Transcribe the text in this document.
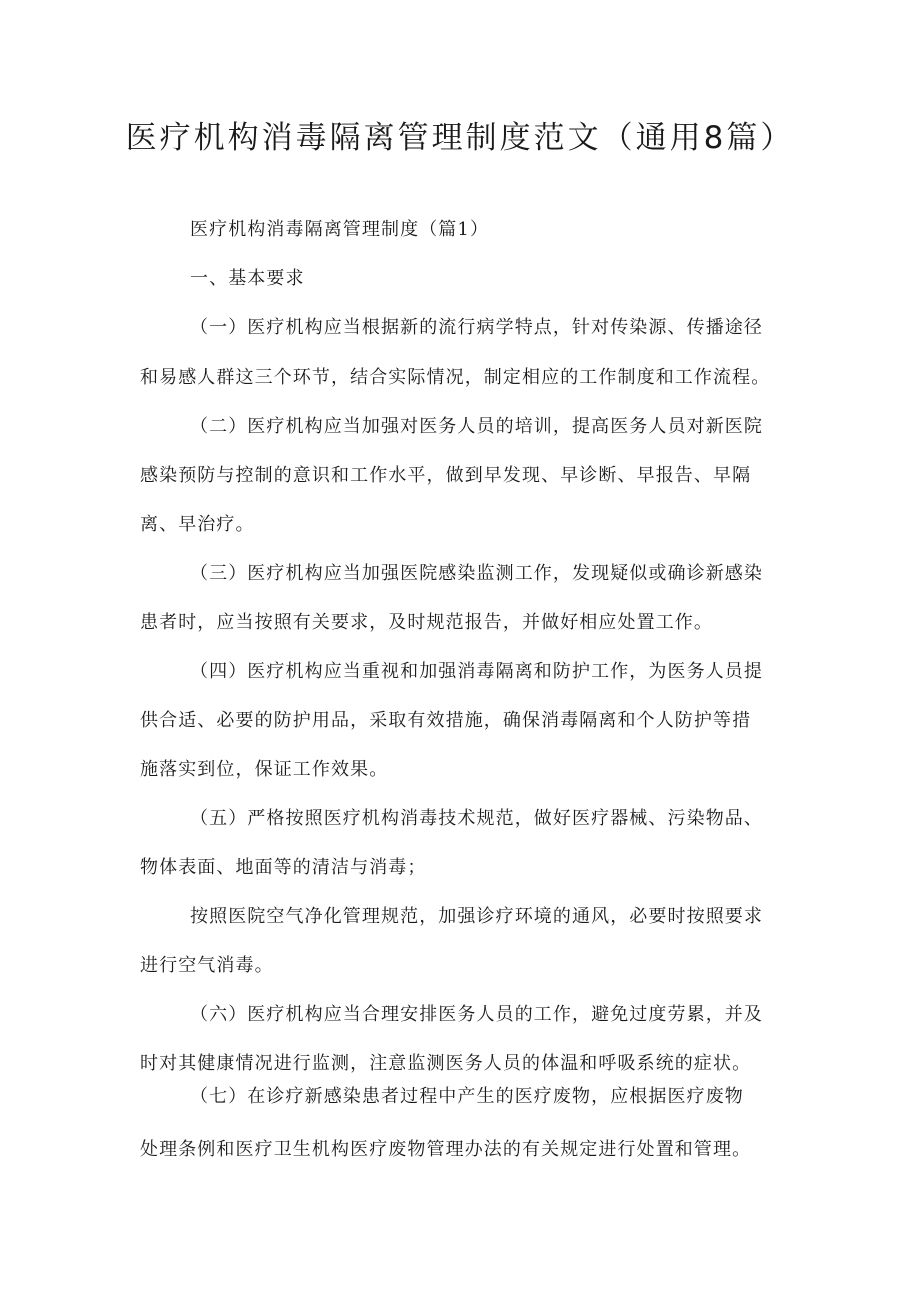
医疗机构消毒隔离管理制度范文（通用8篇）

医疗机构消毒隔离管理制度（篇1）

一、基本要求

（一）医疗机构应当根据新的流行病学特点，针对传染源、传播途径

和易感人群这三个环节，结合实际情况，制定相应的工作制度和工作流程。

（二）医疗机构应当加强对医务人员的培训，提高医务人员对新医院

感染预防与控制的意识和工作水平，做到早发现、早诊断、早报告、早隔

离、早治疗。

（三）医疗机构应当加强医院感染监测工作，发现疑似或确诊新感染

患者时，应当按照有关要求，及时规范报告，并做好相应处置工作。

（四）医疗机构应当重视和加强消毒隔离和防护工作，为医务人员提

供合适、必要的防护用品，采取有效措施，确保消毒隔离和个人防护等措

施落实到位，保证工作效果。

（五）严格按照医疗机构消毒技术规范，做好医疗器械、污染物品、

物体表面、地面等的清洁与消毒；

按照医院空气净化管理规范，加强诊疗环境的通风，必要时按照要求

进行空气消毒。

（六）医疗机构应当合理安排医务人员的工作，避免过度劳累，并及

时对其健康情况进行监测，注意监测医务人员的体温和呼吸系统的症状。

（七）在诊疗新感染患者过程中产生的医疗废物，应根据医疗废物

处理条例和医疗卫生机构医疗废物管理办法的有关规定进行处置和管理。
